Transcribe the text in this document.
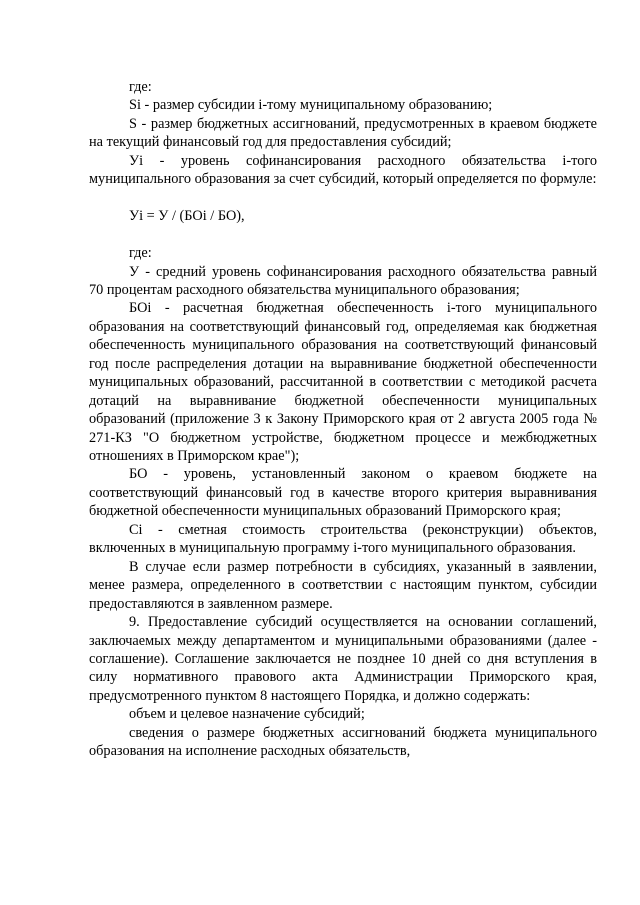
где:

Si - размер субсидии i-тому муниципальному образованию;

S - размер бюджетных ассигнований, предусмотренных в краевом бюджете на текущий финансовый год для предоставления субсидий;

Уi - уровень софинансирования расходного обязательства i-того муниципального образования за счет субсидий, который определяется по формуле:

Уi = У / (БОi / БО),

где:

У - средний уровень софинансирования расходного обязательства равный 70 процентам расходного обязательства муниципального образования;

БОi - расчетная бюджетная обеспеченность i-того муниципального образования на соответствующий финансовый год, определяемая как бюджетная обеспеченность муниципального образования на соответствующий финансовый год после распределения дотации на выравнивание бюджетной обеспеченности муниципальных образований, рассчитанной в соответствии с методикой расчета дотаций на выравнивание бюджетной обеспеченности муниципальных образований (приложение 3 к Закону Приморского края от 2 августа 2005 года № 271-КЗ "О бюджетном устройстве, бюджетном процессе и межбюджетных отношениях в Приморском крае");

БО - уровень, установленный законом о краевом бюджете на соответствующий финансовый год в качестве второго критерия выравнивания бюджетной обеспеченности муниципальных образований Приморского края;

Ci - сметная стоимость строительства (реконструкции) объектов, включенных в муниципальную программу i-того муниципального образования.

В случае если размер потребности в субсидиях, указанный в заявлении, менее размера, определенного в соответствии с настоящим пунктом, субсидии предоставляются в заявленном размере.

9. Предоставление субсидий осуществляется на основании соглашений, заключаемых между департаментом и муниципальными образованиями (далее - соглашение). Соглашение заключается не позднее 10 дней со дня вступления в силу нормативного правового акта Администрации Приморского края, предусмотренного пунктом 8 настоящего Порядка, и должно содержать:

объем и целевое назначение субсидий;

сведения о размере бюджетных ассигнований бюджета муниципального образования на исполнение расходных обязательств,
